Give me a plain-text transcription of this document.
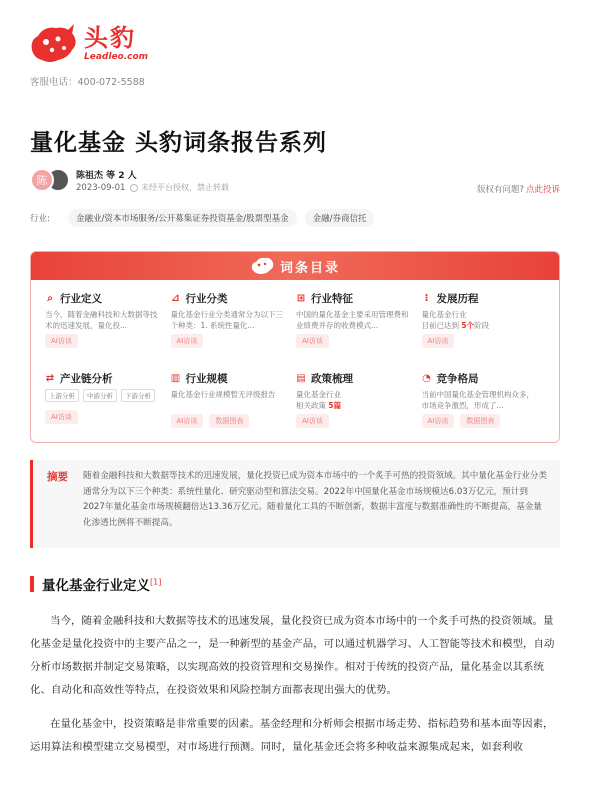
头豹
Leadleo.com
客服电话：400-072-5588
量化基金 头豹词条报告系列
陈	陈祖杰 等 2 人
2023-09-01 未经平台授权，禁止转载	版权有问题? 点此投诉
行业:	金融业/资本市场服务/公开募集证券投资基金/股票型基金	金融/券商信托
词条目录
⌕ 行业定义
当今，随着金融科技和大数据等技术的迅速发展，量化投...
AI访谈
⊿ 行业分类
量化基金行业分类通常分为以下三个种类：1. 系统性量化...
AI访谈
⊞ 行业特征
中国的量化基金主要采用管理费和业绩费并存的收费模式...
AI访谈
⁝ 发展历程
量化基金行业
目前已达到 5个阶段
AI访谈
⇄ 产业链分析
上游分析	中游分析	下游分析
AI访谈
▥ 行业规模
量化基金行业规模暂无评级报告
AI访谈	数据图表
▤ 政策梳理
量化基金行业
相关政策 5篇
AI访谈
◔ 竞争格局
当前中国量化基金管理机构众多，市场竞争激烈，形成了...
AI访谈	数据图表
摘要	随着金融科技和大数据等技术的迅速发展，量化投资已成为资本市场中的一个炙手可热的投资领域。其中量化基金行业分类通常分为以下三个种类：系统性量化、研究驱动型和算法交易。2022年中国量化基金市场规模达6.03万亿元，预计到2027年量化基金市场规模翻倍达13.36万亿元。随着量化工具的不断创新，数据丰富度与数据准确性的不断提高，基金量化渗透比例将不断提高。

量化基金行业定义[1]

当今，随着金融科技和大数据等技术的迅速发展，量化投资已成为资本市场中的一个炙手可热的投资领域。量化基金是量化投资中的主要产品之一，是一种新型的基金产品，可以通过机器学习、人工智能等技术和模型，自动分析市场数据并制定交易策略，以实现高效的投资管理和交易操作。相对于传统的投资产品，量化基金以其系统化、自动化和高效性等特点，在投资效果和风险控制方面都表现出强大的优势。

在量化基金中，投资策略是非常重要的因素。基金经理和分析师会根据市场走势、指标趋势和基本面等因素，运用算法和模型建立交易模型，对市场进行预测。同时，量化基金还会将多种收益来源集成起来，如套利收
